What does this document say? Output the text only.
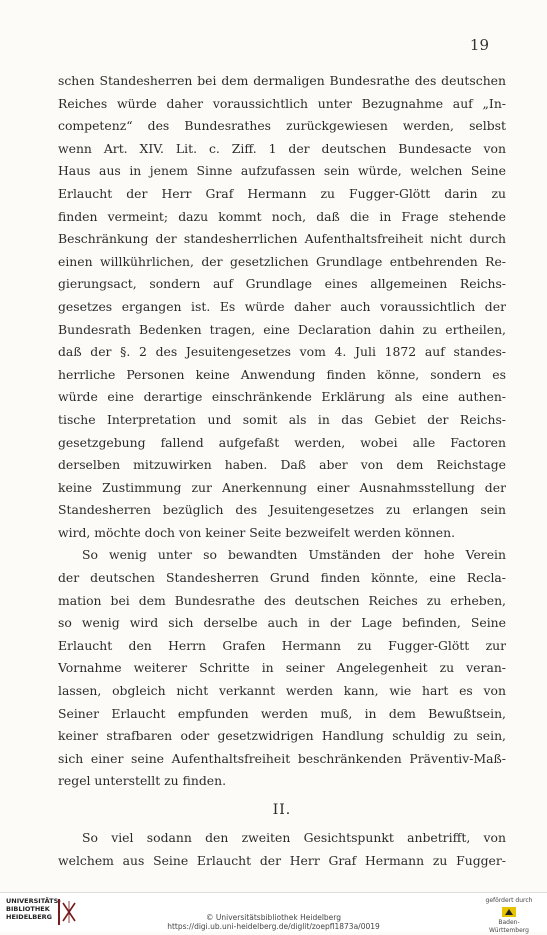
19
schen Standesherren bei dem dermaligen Bundesrathe des deutschen
Reiches würde daher voraussichtlich unter Bezugnahme auf „In-
competenz“ des Bundesrathes zurückgewiesen werden, selbst
wenn Art. XIV. Lit. c. Ziff. 1 der deutschen Bundesacte von
Haus aus in jenem Sinne aufzufassen sein würde, welchen Seine
Erlaucht der Herr Graf Hermann zu Fugger-Glött darin zu
finden vermeint; dazu kommt noch, daß die in Frage stehende
Beschränkung der standesherrlichen Aufenthaltsfreiheit nicht durch
einen willkührlichen, der gesetzlichen Grundlage entbehrenden Re-
gierungsact, sondern auf Grundlage eines allgemeinen Reichs-
gesetzes ergangen ist. Es würde daher auch voraussichtlich der
Bundesrath Bedenken tragen, eine Declaration dahin zu ertheilen,
daß der §. 2 des Jesuitengesetzes vom 4. Juli 1872 auf standes-
herrliche Personen keine Anwendung finden könne, sondern es
würde eine derartige einschränkende Erklärung als eine authen-
tische Interpretation und somit als in das Gebiet der Reichs-
gesetzgebung fallend aufgefaßt werden, wobei alle Factoren
derselben mitzuwirken haben. Daß aber von dem Reichstage
keine Zustimmung zur Anerkennung einer Ausnahmsstellung der
Standesherren bezüglich des Jesuitengesetzes zu erlangen sein
wird, möchte doch von keiner Seite bezweifelt werden können.
So wenig unter so bewandten Umständen der hohe Verein
der deutschen Standesherren Grund finden könnte, eine Recla-
mation bei dem Bundesrathe des deutschen Reiches zu erheben,
so wenig wird sich derselbe auch in der Lage befinden, Seine
Erlaucht den Herrn Grafen Hermann zu Fugger-Glött zur
Vornahme weiterer Schritte in seiner Angelegenheit zu veran-
lassen, obgleich nicht verkannt werden kann, wie hart es von
Seiner Erlaucht empfunden werden muß, in dem Bewußtsein,
keiner strafbaren oder gesetzwidrigen Handlung schuldig zu sein,
sich einer seine Aufenthaltsfreiheit beschränkenden Präventiv-Maß-
regel unterstellt zu finden.
II.
So viel sodann den zweiten Gesichtspunkt anbetrifft, von
welchem aus Seine Erlaucht der Herr Graf Hermann zu Fugger-
UNIVERSITÄTS-
BIBLIOTHEK
HEIDELBERG	© Universitätsbibliothek Heidelberg
https://digi.ub.uni-heidelberg.de/diglit/zoepfl1873a/0019
gefördert durch
Baden-Württemberg
